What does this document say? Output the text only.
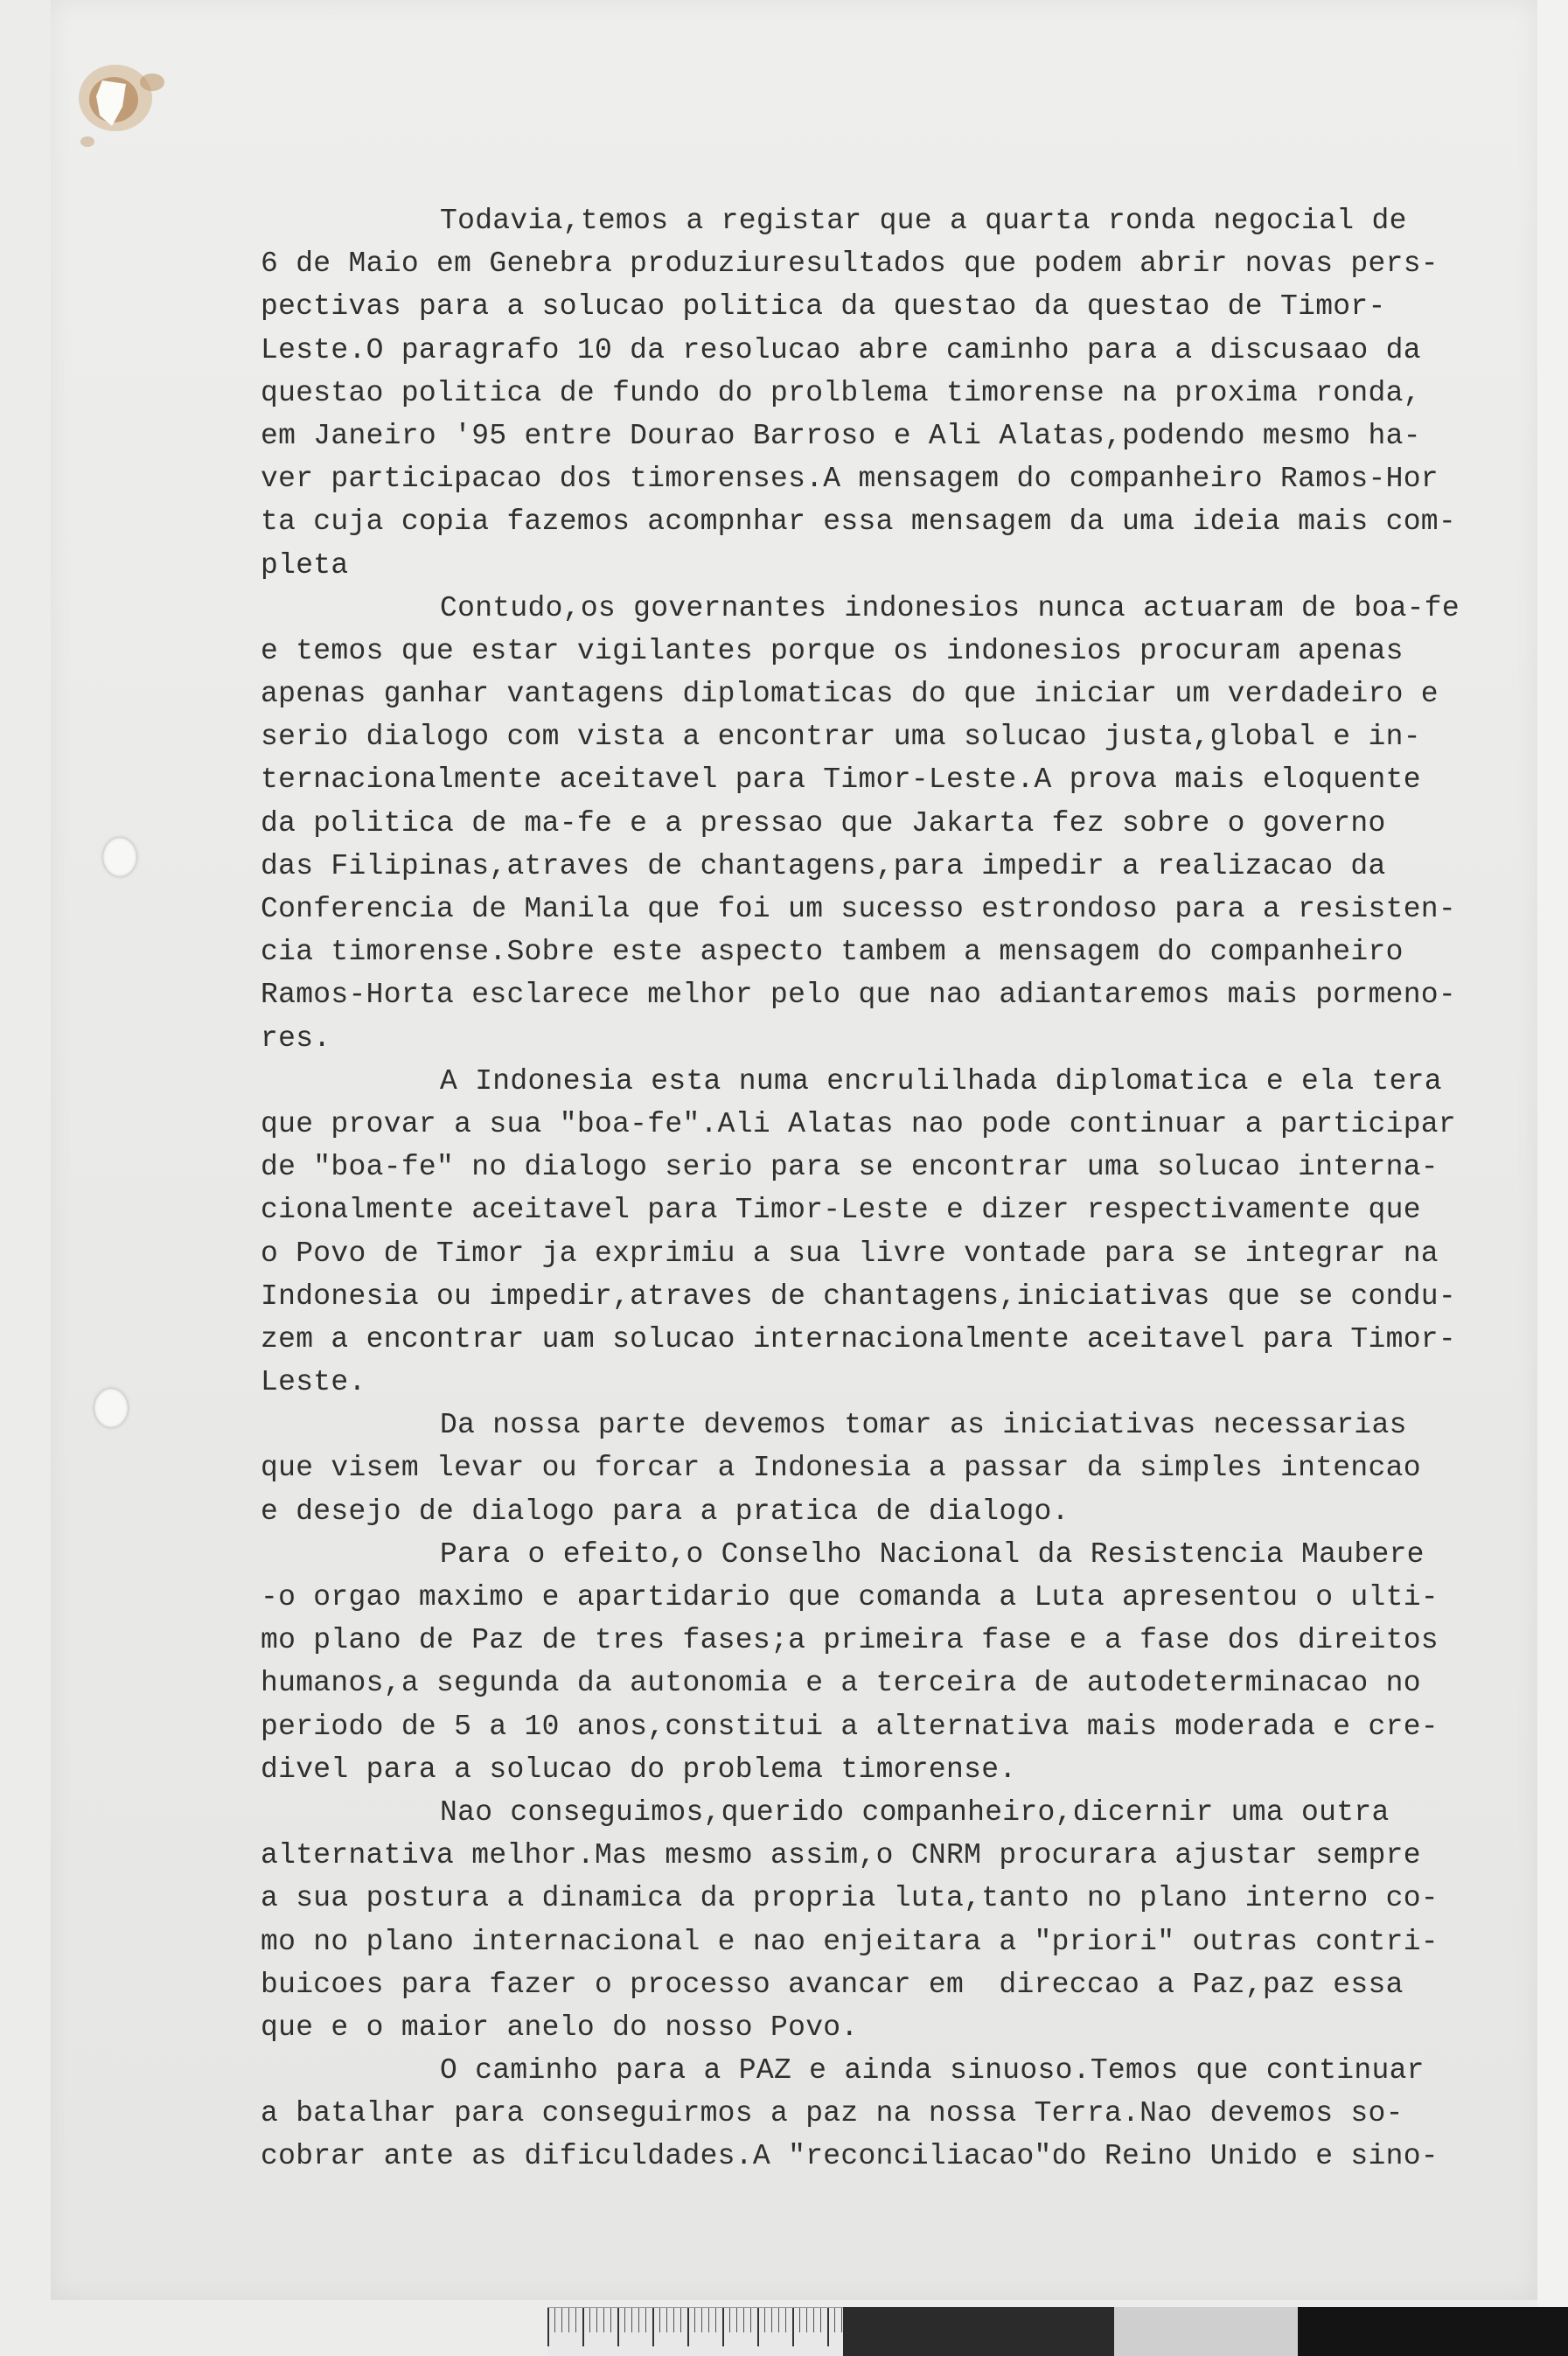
Todavia,temos a registar que a quarta ronda negocial de
6 de Maio em Genebra produziuresultados que podem abrir novas pers-
pectivas para a solucao politica da questao da questao de Timor-
Leste.O paragrafo 10 da resolucao abre caminho para a discusaao da
questao politica de fundo do prolblema timorense na proxima ronda,
em Janeiro '95 entre Dourao Barroso e Ali Alatas,podendo mesmo ha-
ver participacao dos timorenses.A mensagem do companheiro Ramos-Hor
ta cuja copia fazemos acompnhar essa mensagem da uma ideia mais com-
pleta
Contudo,os governantes indonesios nunca actuaram de boa-fe
e temos que estar vigilantes porque os indonesios procuram apenas
apenas ganhar vantagens diplomaticas do que iniciar um verdadeiro e
serio dialogo com vista a encontrar uma solucao justa,global e in-
ternacionalmente aceitavel para Timor-Leste.A prova mais eloquente
da politica de ma-fe e a pressao que Jakarta fez sobre o governo
das Filipinas,atraves de chantagens,para impedir a realizacao da
Conferencia de Manila que foi um sucesso estrondoso para a resisten-
cia timorense.Sobre este aspecto tambem a mensagem do companheiro
Ramos-Horta esclarece melhor pelo que nao adiantaremos mais pormeno-
res.
A Indonesia esta numa encrulilhada diplomatica e ela tera
que provar a sua "boa-fe".Ali Alatas nao pode continuar a participar
de "boa-fe" no dialogo serio para se encontrar uma solucao interna-
cionalmente aceitavel para Timor-Leste e dizer respectivamente que
o Povo de Timor ja exprimiu a sua livre vontade para se integrar na
Indonesia ou impedir,atraves de chantagens,iniciativas que se condu-
zem a encontrar uam solucao internacionalmente aceitavel para Timor-
Leste.
Da nossa parte devemos tomar as iniciativas necessarias
que visem levar ou forcar a Indonesia a passar da simples intencao
e desejo de dialogo para a pratica de dialogo.
Para o efeito,o Conselho Nacional da Resistencia Maubere
-o orgao maximo e apartidario que comanda a Luta apresentou o ulti-
mo plano de Paz de tres fases;a primeira fase e a fase dos direitos
humanos,a segunda da autonomia e a terceira de autodeterminacao no
periodo de 5 a 10 anos,constitui a alternativa mais moderada e cre-
divel para a solucao do problema timorense.
Nao conseguimos,querido companheiro,dicernir uma outra
alternativa melhor.Mas mesmo assim,o CNRM procurara ajustar sempre
a sua postura a dinamica da propria luta,tanto no plano interno co-
mo no plano internacional e nao enjeitara a "priori" outras contri-
buicoes para fazer o processo avancar em  direccao a Paz,paz essa
que e o maior anelo do nosso Povo.
O caminho para a PAZ e ainda sinuoso.Temos que continuar
a batalhar para conseguirmos a paz na nossa Terra.Nao devemos so-
cobrar ante as dificuldades.A "reconciliacao"do Reino Unido e sino-
